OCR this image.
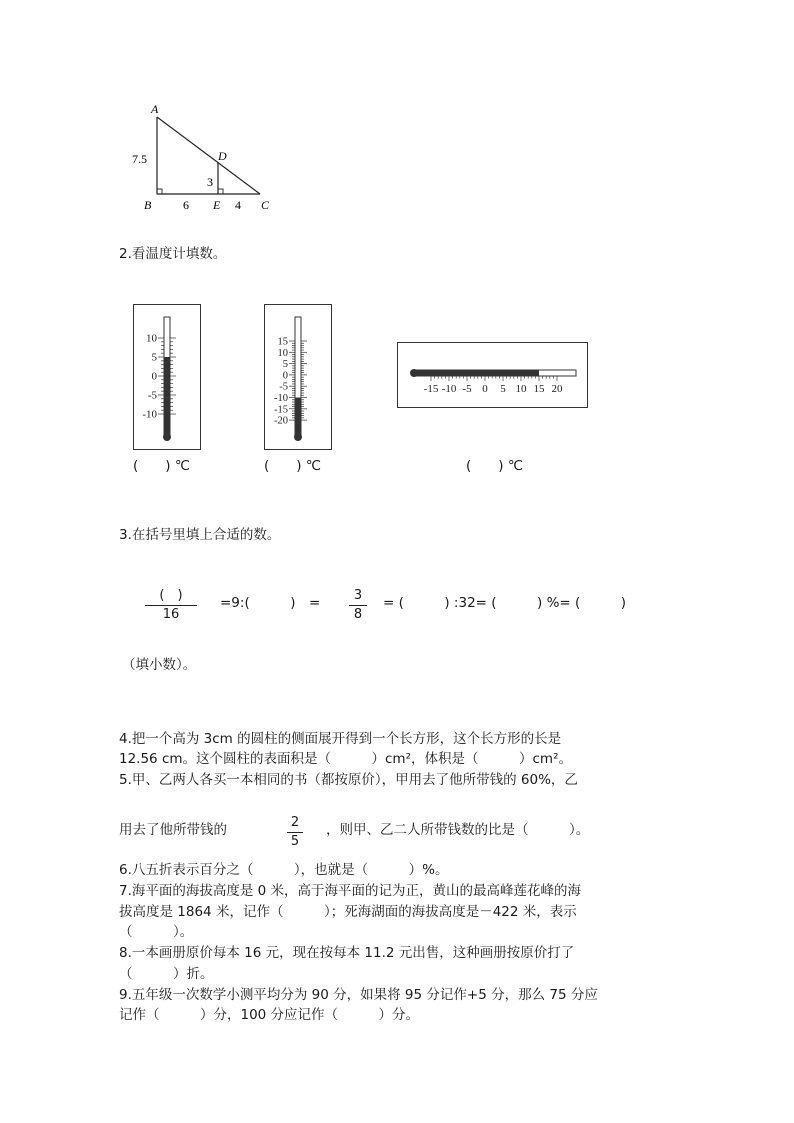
A
B	C
D
E
7.5
3
6	4
2.看温度计填数。
10
5
0
-5
-10
15
10
5
0
-5
-10
-15
-20
-15 -10 -5 0 5 10 15 20
(　　) ℃	(　　) ℃	(　　) ℃
3.在括号里填上合适的数。
(　)
16
=9:(　　　)　=	3
8
= (　　　) :32= (　　　) %= (　　　)
（填小数）。
4.把一个高为 3cm 的圆柱的侧面展开得到一个长方形，这个长方形的长是
12.56 cm。这个圆柱的表面积是（　　　）cm²，体积是（　　　）cm²。
5.甲、乙两人各买一本相同的书（都按原价），甲用去了他所带钱的 60%，乙
用去了他所带钱的	2
5
，则甲、乙二人所带钱数的比是（　　　）。
6.八五折表示百分之（　　　），也就是（　　　）%。
7.海平面的海拔高度是 0 米，高于海平面的记为正，黄山的最高峰莲花峰的海
拔高度是 1864 米，记作（　　　）；死海湖面的海拔高度是－422 米，表示
（　　　）。
8.一本画册原价每本 16 元，现在按每本 11.2 元出售，这种画册按原价打了
（　　　）折。
9.五年级一次数学小测平均分为 90 分，如果将 95 分记作+5 分，那么 75 分应
记作（　　　）分，100 分应记作（　　　）分。
